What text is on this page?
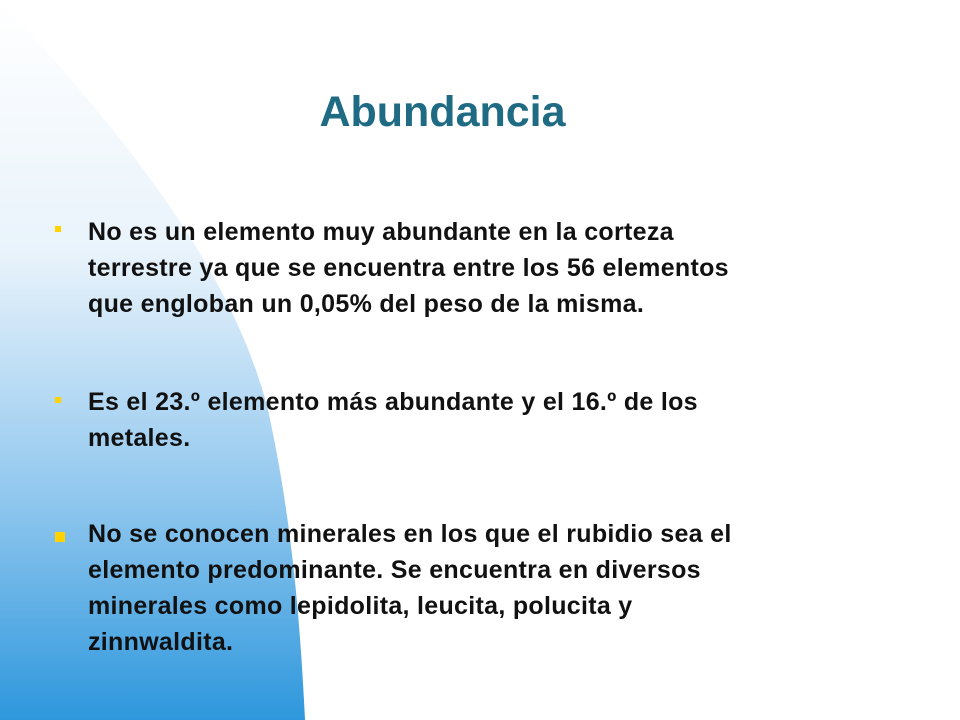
Abundancia
No es un elemento muy abundante en la corteza
terrestre ya que se encuentra entre los 56 elementos
que engloban un 0,05% del peso de la misma.
Es el 23.º elemento más abundante y el 16.º de los
metales.
No se conocen minerales en los que el rubidio sea el
elemento predominante. Se encuentra en diversos
minerales como lepidolita, leucita, polucita y
zinnwaldita.
